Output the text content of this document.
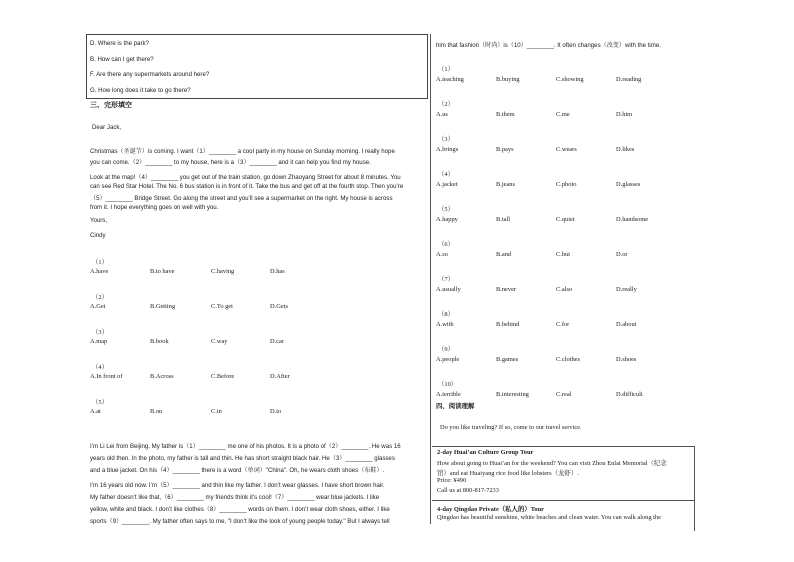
D. Where is the park?
B. How can I get there?
F. Are there any supermarkets around here?
G. How long does it take to go there?
三、完形填空
Dear Jack,
Christmas（圣诞节）is coming. I want（1）________ a cool party in my house on Sunday morning. I really hope
you can come.（2）________ to my house, here is a（3）________ and it can help you find my house.
Look at the map!（4）________ you get out of the train station, go down Zhaoyang Street for about 8 minutes. You
can see Red Star Hotel. The No. 6 bus station is in front of it. Take the bus and get off at the fourth stop. Then you’re
（5）________ Bridge Street. Go along the street and you’ll see a supermarket on the right. My house is across
from it. I hope everything goes on well with you.
Yours,
Cindy
（1）
A.have	B.to have	C.having	D.has
（2）
A.Get	B.Getting	C.To get	D.Gets
（3）
A.map	B.book	C.way	D.car
（4）
A.In front of	B.Across	C.Before	D.After
（5）
A.at	B.on	C.in	D.to
I’m Li Lei from Beijing. My father is（1）________ me one of his photos. It is a photo of（2）________. He was 16
years old then. In the photo, my father is tall and thin. He has short straight black hair. He（3）________ glasses
and a blue jacket. On his（4）________ there is a word（单词）"China". Oh, he wears cloth shoes（布鞋）.
I’m 16 years old now. I’m（5）________ and thin like my father. I don’t wear glasses. I have short brown hair.
My father doesn’t like that,（6）________ my friends think it’s cool!（7）________ wear blue jackets. I like
yellow, white and black. I don’t like clothes（8）________ words on them. I don’t wear cloth shoes, either. I like
sports（9）________. My father often says to me, "I don’t like the look of young people today." But I always tell
him that fashion（时尚）is（10）________. It often changes（改变）with the time.
（1）
A.teaching	B.buying	C.showing	D.reading
（2）
A.us	B.them	C.me	D.him
（3）
A.brings	B.pays	C.wears	D.likes
（4）
A.jacket	B.jeans	C.photo	D.glasses
（5）
A.happy	B.tall	C.quiet	D.handsome
（6）
A.so	B.and	C.but	D.or
（7）
A.usually	B.never	C.also	D.really
（8）
A.with	B.behind	C.for	D.about
（9）
A.people	B.games	C.clothes	D.shoes
（10）
A.terrible	B.interesting	C.real	D.difficult
四、阅读理解
Do you like traveling? If so, come to our travel service.
2-day Huai’an Culture Group Tour
How about going to Huai’an for the weekend? You can visit Zhou Enlai Memorial（纪念
馆）and eat Huaiyang rice food like lobsters（龙虾）.
Price: ¥490
Call us at 800-817-7233
4-day Qingdao Private（私人的）Tour
Qingdao has beautiful sunshine, white beaches and clean water. You can walk along the
